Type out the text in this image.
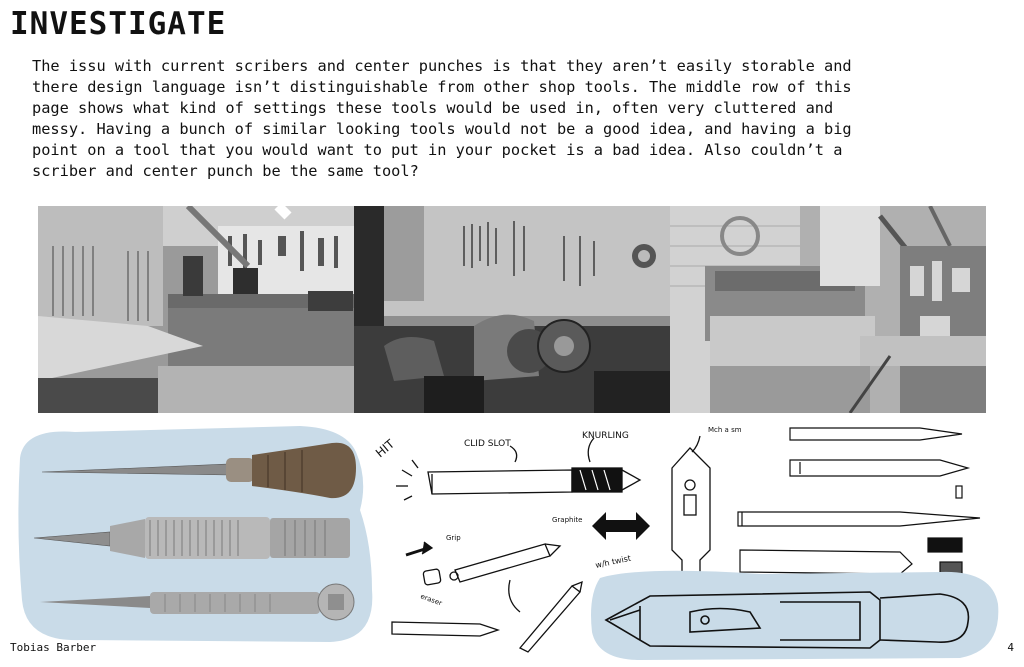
INVESTIGATE
The issu with current scribers and center punches is that they aren’t easily storable and
there design language isn’t distinguishable from other shop tools. The middle row of this
page shows what kind of settings these tools would be used in, often very cluttered and
messy. Having a bunch of similar looking tools would not be a good idea, and having a big
point on a tool that you would want to put in your pocket is a bad idea. Also couldn’t a
scriber and center punch be the same tool?
HIT	CLID SLOT
KNURLING
Grip
Graphite
eraser
w/h twist
Mch a sm
Tobias Barber	4
